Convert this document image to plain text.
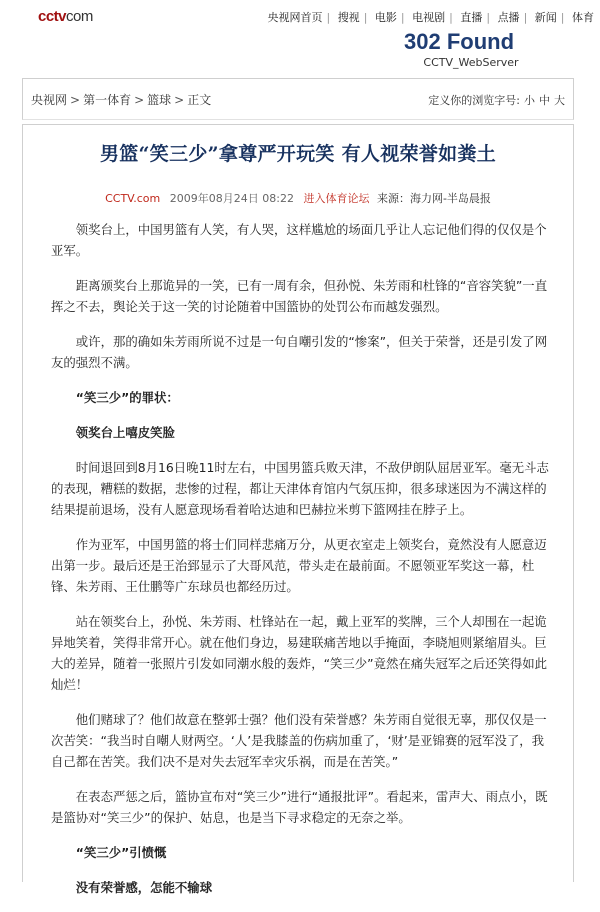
cctvcom	央视网首页 | 搜视 | 电影 | 电视剧 | 直播 | 点播 | 新闻 | 体育
302 Found
CCTV_WebServer
央视网 > 第一体育 > 篮球 > 正文	定义你的浏览字号: 小 中 大
男篮“笑三少”拿尊严开玩笑 有人视荣誉如粪土
CCTV.com 2009年08月24日 08:22 进入体育论坛 来源：海力网-半岛晨报

领奖台上，中国男篮有人笑，有人哭，这样尴尬的场面几乎让人忘记他们得的仅仅是个亚军。

距离颁奖台上那诡异的一笑，已有一周有余，但孙悦、朱芳雨和杜锋的“音容笑貌”一直挥之不去，舆论关于这一笑的讨论随着中国篮协的处罚公布而越发强烈。

或许，那的确如朱芳雨所说不过是一句自嘲引发的“惨案”，但关于荣誉，还是引发了网友的强烈不满。

“笑三少”的罪状：

领奖台上嘻皮笑脸

时间退回到8月16日晚11时左右，中国男篮兵败天津，不敌伊朗队屈居亚军。毫无斗志的表现，糟糕的数据，悲惨的过程，都让天津体育馆内气氛压抑，很多球迷因为不满这样的结果提前退场，没有人愿意现场看着哈达迪和巴赫拉米剪下篮网挂在脖子上。

作为亚军，中国男篮的将士们同样悲痛万分，从更衣室走上领奖台，竟然没有人愿意迈出第一步。最后还是王治郅显示了大哥风范，带头走在最前面。不愿领亚军奖这一幕，杜锋、朱芳雨、王仕鹏等广东球员也都经历过。

站在领奖台上，孙悦、朱芳雨、杜锋站在一起，戴上亚军的奖牌，三个人却围在一起诡异地笑着，笑得非常开心。就在他们身边，易建联痛苦地以手掩面，李晓旭则紧缩眉头。巨大的差异，随着一张照片引发如同潮水般的轰炸，“笑三少”竟然在痛失冠军之后还笑得如此灿烂！

他们赌球了？他们故意在整郭士强？他们没有荣誉感？朱芳雨自觉很无辜，那仅仅是一次苦笑：“我当时自嘲人财两空。‘人’是我膝盖的伤病加重了，‘财’是亚锦赛的冠军没了，我自己都在苦笑。我们决不是对失去冠军幸灾乐祸，而是在苦笑。”

在表态严惩之后，篮协宣布对“笑三少”进行“通报批评”。看起来，雷声大、雨点小，既是篮协对“笑三少”的保护、姑息，也是当下寻求稳定的无奈之举。

“笑三少”引愤慨

没有荣誉感，怎能不输球
